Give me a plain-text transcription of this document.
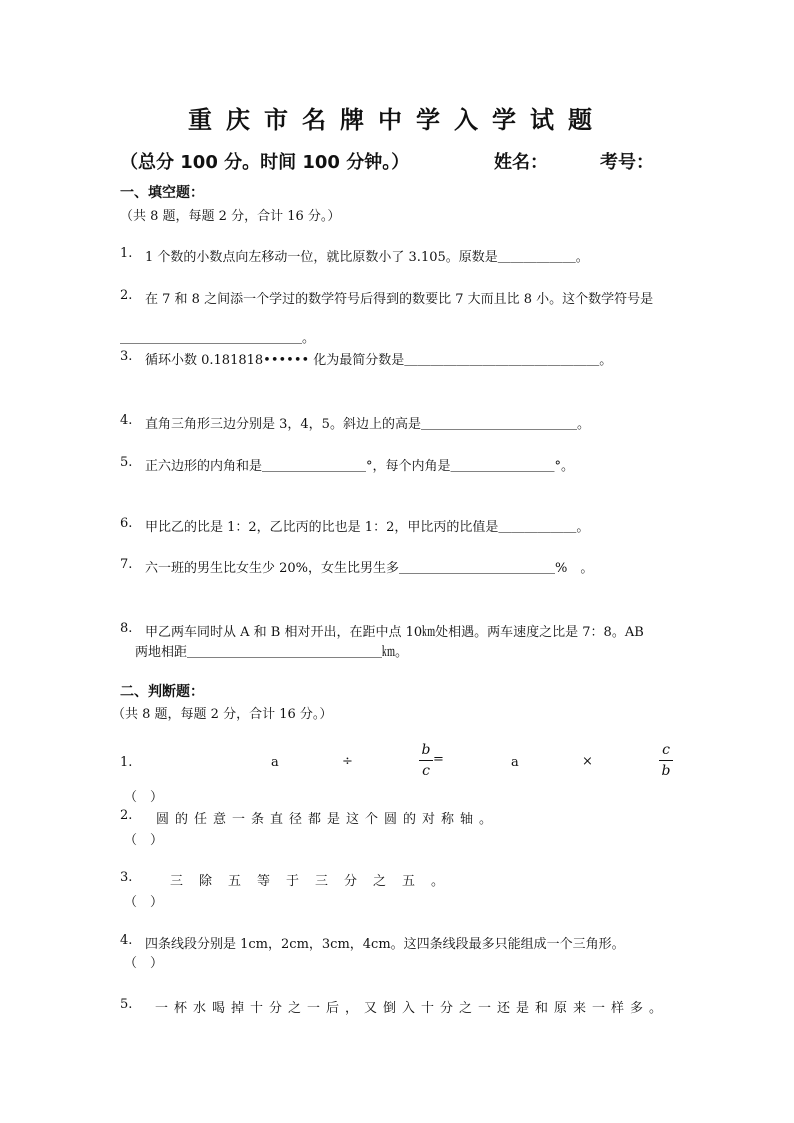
重庆市名牌中学入学试题
（总分 100 分。时间 100 分钟。）	姓名：	考号：
一、填空题：
（共 8 题，每题 2 分，合计 16 分。）
1. 1 个数的小数点向左移动一位，就比原数小了 3.105。原数是＿＿＿＿＿＿。
2. 在 7 和 8 之间添一个学过的数学符号后得到的数要比 7 大而且比 8 小。这个数学符号是
＿＿＿＿＿＿＿＿＿＿＿＿＿＿。
3. 循环小数 0.181818•••••• 化为最简分数是＿＿＿＿＿＿＿＿＿＿＿＿＿＿＿。
4. 直角三角形三边分别是 3，4，5。斜边上的高是＿＿＿＿＿＿＿＿＿＿＿＿。
5. 正六边形的内角和是＿＿＿＿＿＿＿＿°，每个内角是＿＿＿＿＿＿＿＿°。
6. 甲比乙的比是 1：2，乙比丙的比也是 1：2，甲比丙的比值是＿＿＿＿＿＿。
7. 六一班的男生比女生少 20%，女生比男生多＿＿＿＿＿＿＿＿＿＿＿＿%　。
8. 甲乙两车同时从 A 和 B 相对开出，在距中点 10㎞处相遇。两车速度之比是 7：8。AB
两地相距＿＿＿＿＿＿＿＿＿＿＿＿＿＿＿㎞。
二、判断题：
（共 8 题，每题 2 分，合计 16 分。）
1.	a	÷
b
c
=	a	×
c
b
（　）
2. 圆的任意一条直径都是这个圆的对称轴。
（　）
3.	三除五等于三分之五。
（　）
4. 四条线段分别是 1cm，2cm，3cm，4cm。这四条线段最多只能组成一个三角形。
（　）
5. 一杯水喝掉十分之一后，又倒入十分之一还是和原来一样多。
